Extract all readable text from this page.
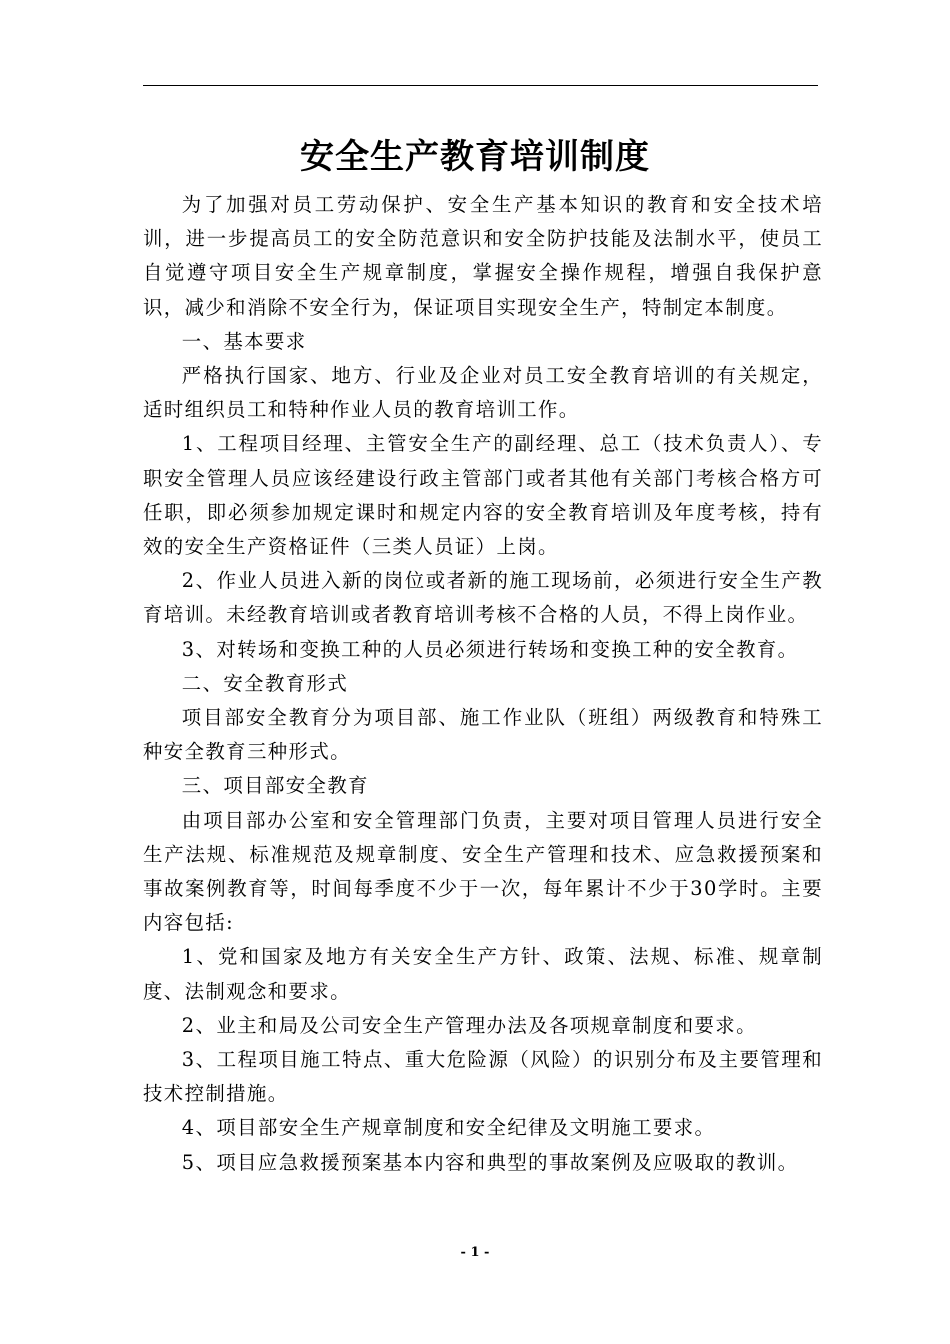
安全生产教育培训制度

为了加强对员工劳动保护、安全生产基本知识的教育和安全技术培训，进一步提高员工的安全防范意识和安全防护技能及法制水平，使员工自觉遵守项目安全生产规章制度，掌握安全操作规程，增强自我保护意识，减少和消除不安全行为，保证项目实现安全生产，特制定本制度。

一、基本要求

严格执行国家、地方、行业及企业对员工安全教育培训的有关规定，适时组织员工和特种作业人员的教育培训工作。

1、工程项目经理、主管安全生产的副经理、总工（技术负责人）、专职安全管理人员应该经建设行政主管部门或者其他有关部门考核合格方可任职，即必须参加规定课时和规定内容的安全教育培训及年度考核，持有效的安全生产资格证件（三类人员证）上岗。

2、作业人员进入新的岗位或者新的施工现场前，必须进行安全生产教育培训。未经教育培训或者教育培训考核不合格的人员，不得上岗作业。

3、对转场和变换工种的人员必须进行转场和变换工种的安全教育。

二、安全教育形式

项目部安全教育分为项目部、施工作业队（班组）两级教育和特殊工种安全教育三种形式。

三、项目部安全教育

由项目部办公室和安全管理部门负责，主要对项目管理人员进行安全生产法规、标准规范及规章制度、安全生产管理和技术、应急救援预案和事故案例教育等，时间每季度不少于一次，每年累计不少于30学时。主要内容包括:

1、党和国家及地方有关安全生产方针、政策、法规、标准、规章制度、法制观念和要求。

2、业主和局及公司安全生产管理办法及各项规章制度和要求。

3、工程项目施工特点、重大危险源（风险）的识别分布及主要管理和技术控制措施。

4、项目部安全生产规章制度和安全纪律及文明施工要求。

5、项目应急救援预案基本内容和典型的事故案例及应吸取的教训。

- 1 -
